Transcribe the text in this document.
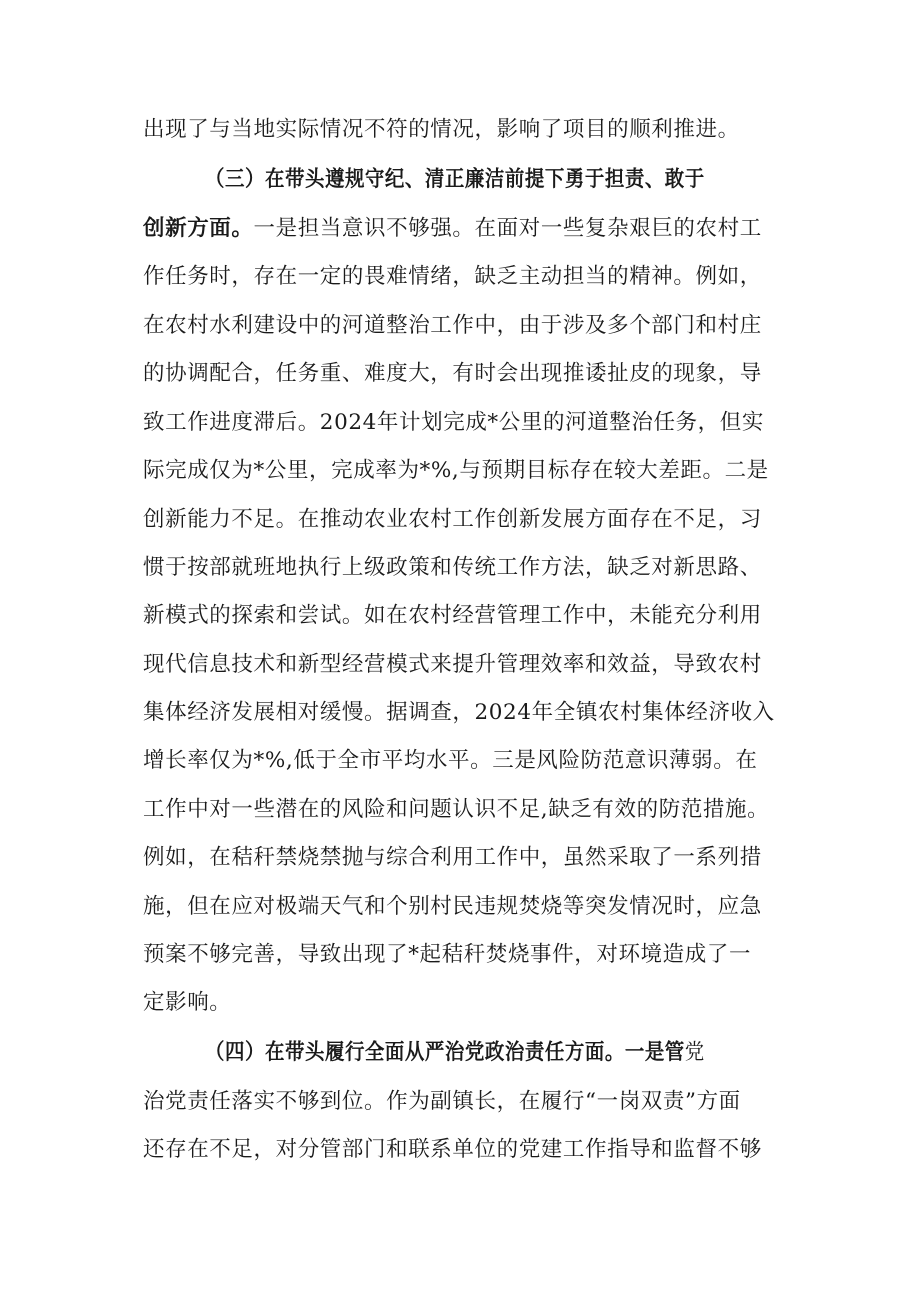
出现了与当地实际情况不符的情况，影响了项目的顺利推进。
（三）在带头遵规守纪、清正廉洁前提下勇于担责、敢于
创新方面。一是担当意识不够强。在面对一些复杂艰巨的农村工
作任务时，存在一定的畏难情绪，缺乏主动担当的精神。例如，
在农村水利建设中的河道整治工作中，由于涉及多个部门和村庄
的协调配合，任务重、难度大，有时会出现推诿扯皮的现象，导
致工作进度滞后。2024年计划完成*公里的河道整治任务，但实
际完成仅为*公里，完成率为*%,与预期目标存在较大差距。二是
创新能力不足。在推动农业农村工作创新发展方面存在不足，习
惯于按部就班地执行上级政策和传统工作方法，缺乏对新思路、
新模式的探索和尝试。如在农村经营管理工作中，未能充分利用
现代信息技术和新型经营模式来提升管理效率和效益，导致农村
集体经济发展相对缓慢。据调查，2024年全镇农村集体经济收入
增长率仅为*%,低于全市平均水平。三是风险防范意识薄弱。在
工作中对一些潜在的风险和问题认识不足,缺乏有效的防范措施。
例如，在秸秆禁烧禁抛与综合利用工作中，虽然采取了一系列措
施，但在应对极端天气和个别村民违规焚烧等突发情况时，应急
预案不够完善，导致出现了*起秸秆焚烧事件，对环境造成了一
定影响。
（四）在带头履行全面从严治党政治责任方面。一是管党
治党责任落实不够到位。作为副镇长，在履行“一岗双责”方面
还存在不足，对分管部门和联系单位的党建工作指导和监督不够
